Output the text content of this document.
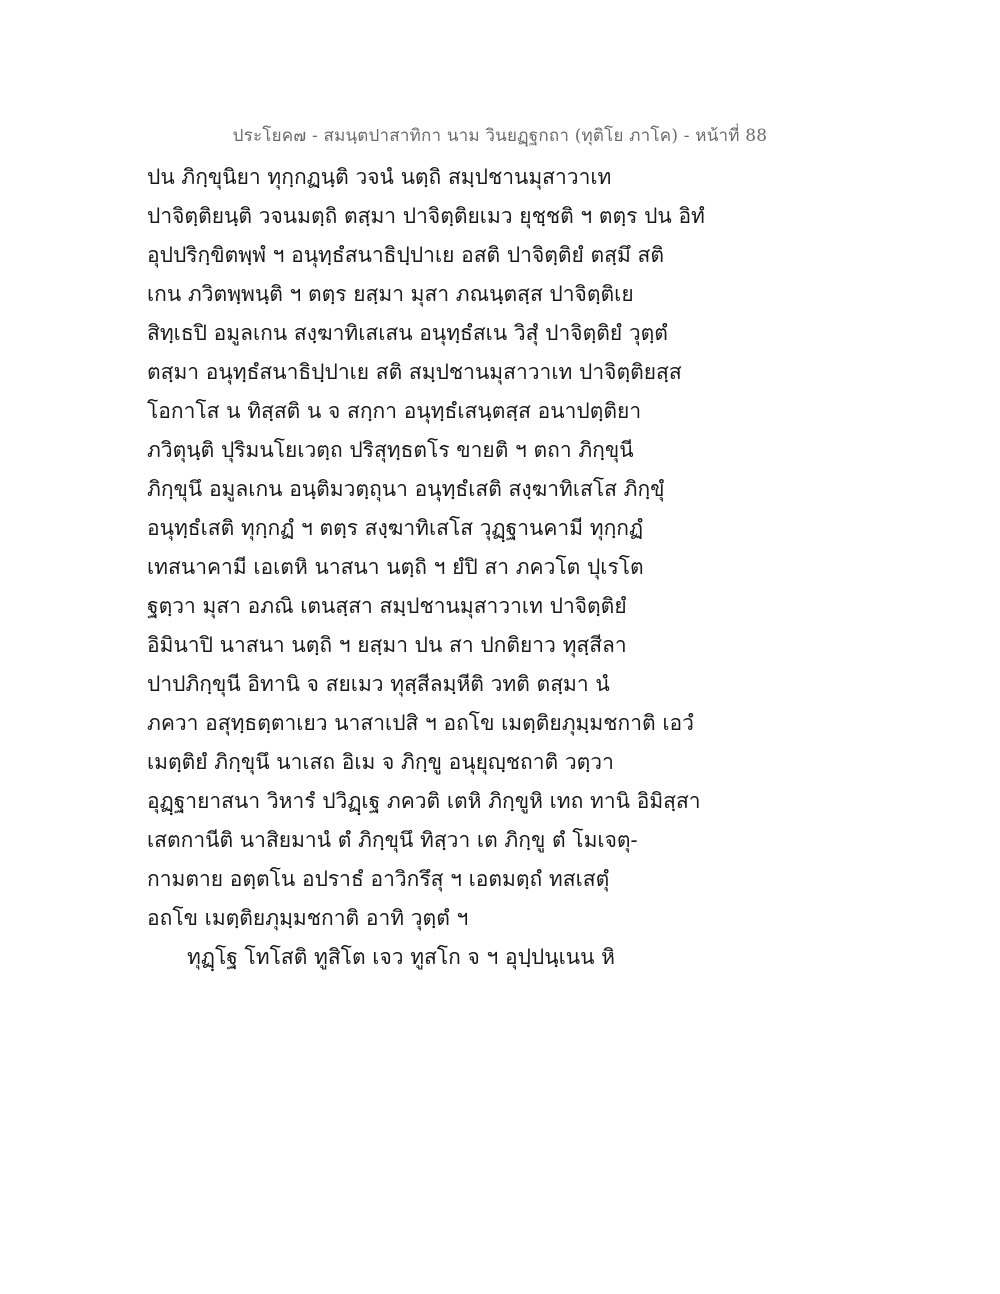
ประโยค๗ - สมนฺตปาสาทิกา นาม วินยฏฺฐกถา (ทุติโย ภาโค) - หน้าที่ 88
ปน ภิกฺขุนิยา ทุกฺกฏนฺติ วจนํ นตฺถิ สมฺปชานมุสาวาเท
ปาจิตฺติยนฺติ วจนมตฺถิ ตสฺมา ปาจิตฺติยเมว ยุชฺชติ ฯ ตตฺร ปน อิทํ
อุปปริกฺขิตพฺพํ ฯ อนุทฺธํสนาธิปฺปาเย อสติ ปาจิตฺติยํ ตสฺมึ สติ
เกน ภวิตพฺพนฺติ ฯ ตตฺร ยสฺมา มุสา ภณนฺตสฺส ปาจิตฺติเย
สิทฺเธปิ อมูลเกน สงฺฆาทิเสเสน อนุทฺธํสเน วิสุํ ปาจิตฺติยํ วุตฺตํ
ตสฺมา อนุทฺธํสนาธิปฺปาเย สติ สมฺปชานมุสาวาเท ปาจิตฺติยสฺส
โอกาโส น ทิสฺสติ น จ สกฺกา อนุทฺธํเสนฺตสฺส อนาปตฺติยา
ภวิตุนฺติ ปุริมนโยเวตฺถ ปริสุทฺธตโร ขายติ ฯ ตถา ภิกฺขุนี
ภิกฺขุนึ อมูลเกน อนฺติมวตฺถุนา อนุทฺธํเสติ สงฺฆาทิเสโส ภิกฺขุํ
อนุทฺธํเสติ ทุกฺกฏํ ฯ ตตฺร สงฺฆาทิเสโส วุฏฺฐานคามี ทุกฺกฏํ
เทสนาคามี เอเตหิ นาสนา นตฺถิ ฯ ยํปิ สา ภควโต ปุเรโต
ฐตฺวา มุสา อภณิ เตนสฺสา สมฺปชานมุสาวาเท ปาจิตฺติยํ
อิมินาปิ นาสนา นตฺถิ ฯ ยสฺมา ปน สา ปกติยาว ทุสฺสีลา
ปาปภิกฺขุนี อิทานิ จ สยเมว ทุสฺสีลมฺหีติ วทติ ตสฺมา นํ
ภควา อสุทฺธตฺตาเยว นาสาเปสิ ฯ อถโข เมตฺติยภุมฺมชกาติ เอวํ
เมตฺติยํ ภิกฺขุนึ นาเสถ อิเม จ ภิกฺขู อนุยุญฺชถาติ วตฺวา
อุฏฺฐายาสนา วิหารํ ปวิฏฺเฐ ภควติ เตหิ ภิกฺขูหิ เทถ ทานิ อิมิสฺสา
เสตกานีติ นาสิยมานํ ตํ ภิกฺขุนึ ทิสฺวา เต ภิกฺขู ตํ โมเจตุ-
กามตาย อตฺตโน อปราธํ อาวิกรึสุ ฯ เอตมตฺถํ ทสเสตุํ
อถโข เมตฺติยภุมฺมชกาติ อาทิ วุตฺตํ ฯ
ทุฏฺโฐ โทโสติ ทูสิโต เจว ทูสโก จ ฯ อุปฺปนฺเนน หิ
